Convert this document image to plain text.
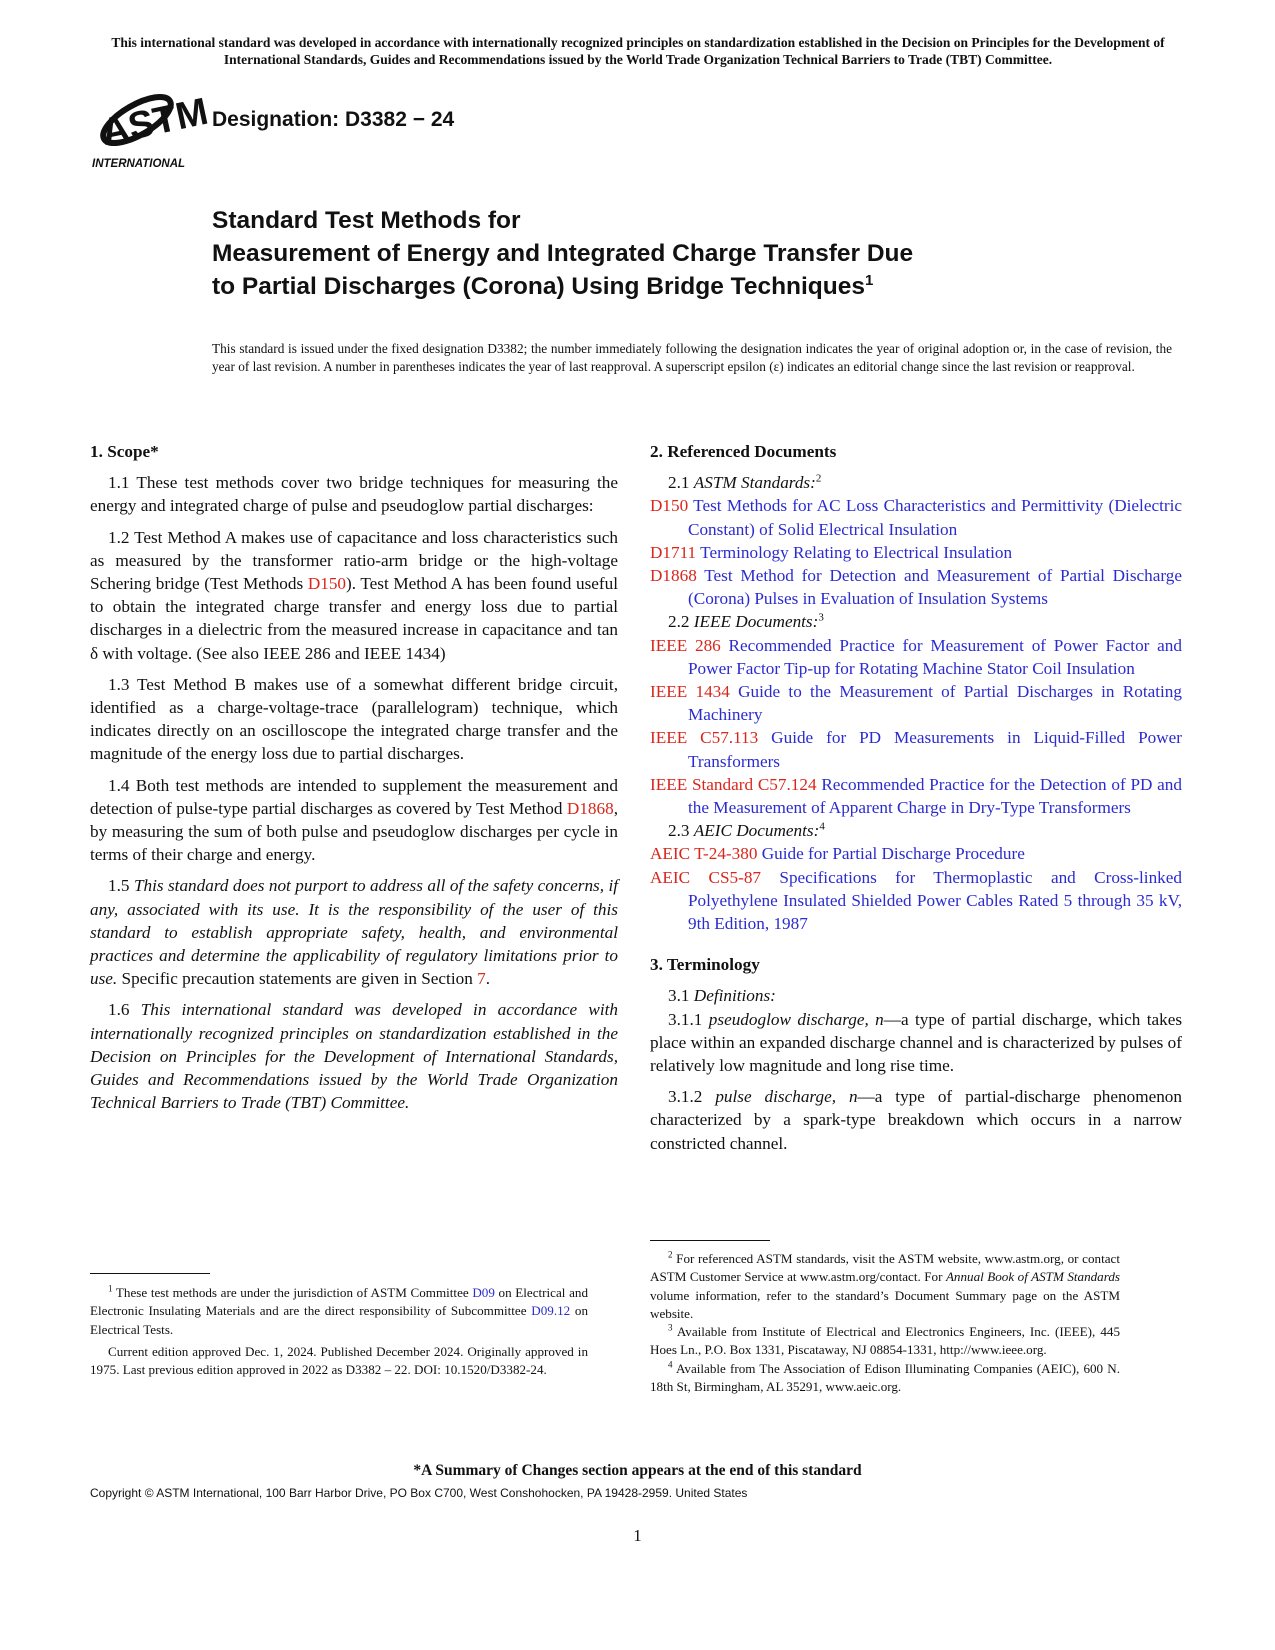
This international standard was developed in accordance with internationally recognized principles on standardization established in the Decision on Principles for the Development of International Standards, Guides and Recommendations issued by the World Trade Organization Technical Barriers to Trade (TBT) Committee.
ASTM
INTERNATIONAL
Designation: D3382 − 24
Standard Test Methods for
Measurement of Energy and Integrated Charge Transfer Due
to Partial Discharges (Corona) Using Bridge Techniques$^1$
This standard is issued under the fixed designation D3382; the number immediately following the designation indicates the year of original adoption or, in the case of revision, the year of last revision. A number in parentheses indicates the year of last reapproval. A superscript epsilon (ε) indicates an editorial change since the last revision or reapproval.
1. Scope*

1.1 These test methods cover two bridge techniques for measuring the energy and integrated charge of pulse and pseudoglow partial discharges:

1.2 Test Method A makes use of capacitance and loss characteristics such as measured by the transformer ratio-arm bridge or the high-voltage Schering bridge (Test Methods D150). Test Method A has been found useful to obtain the integrated charge transfer and energy loss due to partial discharges in a dielectric from the measured increase in capacitance and tan δ with voltage. (See also IEEE 286 and IEEE 1434)

1.3 Test Method B makes use of a somewhat different bridge circuit, identified as a charge-voltage-trace (parallelogram) technique, which indicates directly on an oscilloscope the integrated charge transfer and the magnitude of the energy loss due to partial discharges.

1.4 Both test methods are intended to supplement the measurement and detection of pulse-type partial discharges as covered by Test Method D1868, by measuring the sum of both pulse and pseudoglow discharges per cycle in terms of their charge and energy.

1.5 This standard does not purport to address all of the safety concerns, if any, associated with its use. It is the responsibility of the user of this standard to establish appropriate safety, health, and environmental practices and determine the applicability of regulatory limitations prior to use. Specific precaution statements are given in Section 7.

1.6 This international standard was developed in accordance with internationally recognized principles on standardization established in the Decision on Principles for the Development of International Standards, Guides and Recommendations issued by the World Trade Organization Technical Barriers to Trade (TBT) Committee.

2. Referenced Documents

2.1 ASTM Standards:$^2$

D150 Test Methods for AC Loss Characteristics and Permittivity (Dielectric Constant) of Solid Electrical Insulation

D1711 Terminology Relating to Electrical Insulation

D1868 Test Method for Detection and Measurement of Partial Discharge (Corona) Pulses in Evaluation of Insulation Systems

2.2 IEEE Documents:$^3$

IEEE 286 Recommended Practice for Measurement of Power Factor and Power Factor Tip-up for Rotating Machine Stator Coil Insulation

IEEE 1434 Guide to the Measurement of Partial Discharges in Rotating Machinery

IEEE C57.113 Guide for PD Measurements in Liquid-Filled Power Transformers

IEEE Standard C57.124 Recommended Practice for the Detection of PD and the Measurement of Apparent Charge in Dry-Type Transformers

2.3 AEIC Documents:$^4$

AEIC T-24-380 Guide for Partial Discharge Procedure

AEIC CS5-87 Specifications for Thermoplastic and Cross-linked Polyethylene Insulated Shielded Power Cables Rated 5 through 35 kV, 9th Edition, 1987

3. Terminology

3.1 Definitions:

3.1.1 pseudoglow discharge, n—a type of partial discharge, which takes place within an expanded discharge channel and is characterized by pulses of relatively low magnitude and long rise time.

3.1.2 pulse discharge, n—a type of partial-discharge phenomenon characterized by a spark-type breakdown which occurs in a narrow constricted channel.

$^1$ These test methods are under the jurisdiction of ASTM Committee D09 on Electrical and Electronic Insulating Materials and are the direct responsibility of Subcommittee D09.12 on Electrical Tests.

Current edition approved Dec. 1, 2024. Published December 2024. Originally approved in 1975. Last previous edition approved in 2022 as D3382 – 22. DOI: 10.1520/D3382-24.

$^2$ For referenced ASTM standards, visit the ASTM website, www.astm.org, or contact ASTM Customer Service at www.astm.org/contact. For Annual Book of ASTM Standards volume information, refer to the standard’s Document Summary page on the ASTM website.

$^3$ Available from Institute of Electrical and Electronics Engineers, Inc. (IEEE), 445 Hoes Ln., P.O. Box 1331, Piscataway, NJ 08854-1331, http://www.ieee.org.

$^4$ Available from The Association of Edison Illuminating Companies (AEIC), 600 N. 18th St, Birmingham, AL 35291, www.aeic.org.

*A Summary of Changes section appears at the end of this standard
Copyright © ASTM International, 100 Barr Harbor Drive, PO Box C700, West Conshohocken, PA 19428-2959. United States
1
